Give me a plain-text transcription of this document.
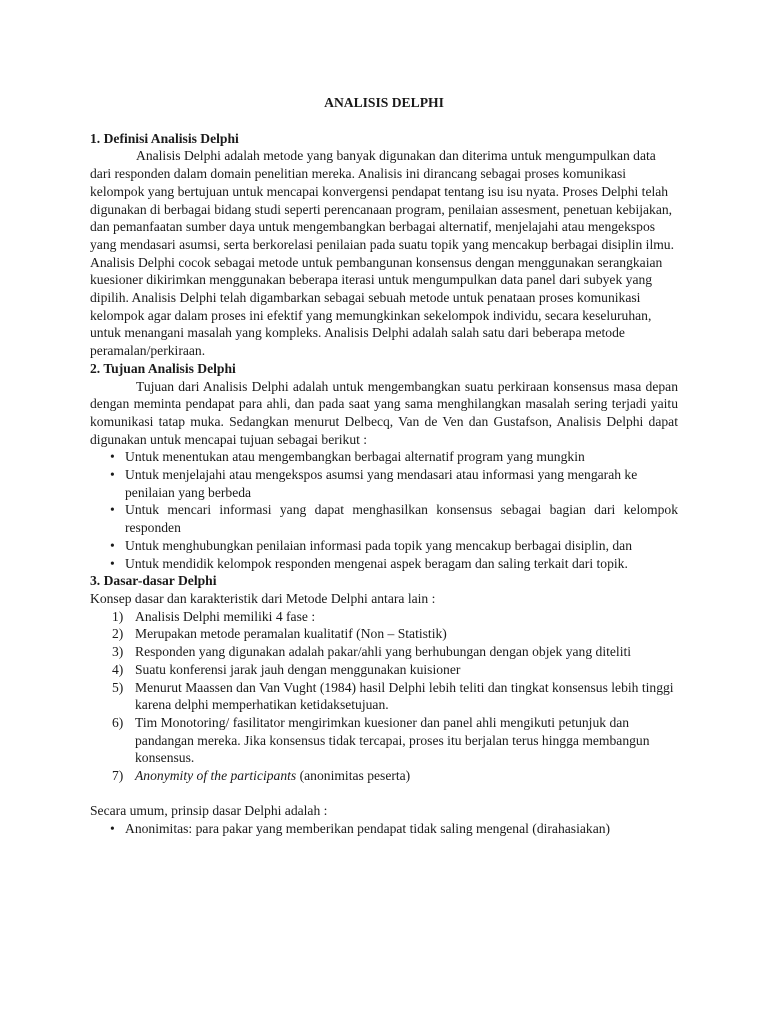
ANALISIS DELPHI
1. Definisi Analisis Delphi
Analisis Delphi adalah metode yang banyak digunakan dan diterima untuk mengumpulkan data dari responden dalam domain penelitian mereka. Analisis ini dirancang sebagai proses komunikasi kelompok yang bertujuan untuk mencapai konvergensi pendapat tentang isu isu nyata. Proses Delphi telah digunakan di berbagai bidang studi seperti perencanaan program, penilaian assesment, penetuan kebijakan, dan pemanfaatan sumber daya untuk mengembangkan berbagai alternatif, menjelajahi atau mengekspos yang mendasari asumsi, serta berkorelasi penilaian pada suatu topik yang mencakup berbagai disiplin ilmu. Analisis Delphi cocok sebagai metode untuk pembangunan konsensus dengan menggunakan serangkaian kuesioner dikirimkan menggunakan beberapa iterasi untuk mengumpulkan data panel dari subyek yang dipilih. Analisis Delphi telah digambarkan sebagai sebuah metode untuk penataan proses komunikasi kelompok agar dalam proses ini efektif yang memungkinkan sekelompok individu, secara keseluruhan, untuk menangani masalah yang kompleks. Analisis Delphi adalah salah satu dari beberapa metode peramalan/perkiraan.
2. Tujuan Analisis Delphi
Tujuan dari Analisis Delphi adalah untuk mengembangkan suatu perkiraan konsensus masa depan dengan meminta pendapat para ahli, dan pada saat yang sama menghilangkan masalah sering terjadi yaitu komunikasi tatap muka. Sedangkan menurut Delbecq, Van de Ven dan Gustafson, Analisis Delphi dapat digunakan untuk mencapai tujuan sebagai berikut :
• Untuk menentukan atau mengembangkan berbagai alternatif program yang mungkin
• Untuk menjelajahi atau mengekspos asumsi yang mendasari atau informasi yang mengarah ke penilaian yang berbeda
• Untuk mencari informasi yang dapat menghasilkan konsensus sebagai bagian dari kelompok responden
• Untuk menghubungkan penilaian informasi pada topik yang mencakup berbagai disiplin, dan
• Untuk mendidik kelompok responden mengenai aspek beragam dan saling terkait dari topik.
3. Dasar-dasar Delphi
Konsep dasar dan karakteristik dari Metode Delphi antara lain :
1) Analisis Delphi memiliki 4 fase :
2) Merupakan metode peramalan kualitatif (Non – Statistik)
3) Responden yang digunakan adalah pakar/ahli yang berhubungan dengan objek yang diteliti
4) Suatu konferensi jarak jauh dengan menggunakan kuisioner
5) Menurut Maassen dan Van Vught (1984) hasil Delphi lebih teliti dan tingkat konsensus lebih tinggi karena delphi memperhatikan ketidaksetujuan.
6) Tim Monotoring/ fasilitator mengirimkan kuesioner dan panel ahli mengikuti petunjuk dan pandangan mereka. Jika konsensus tidak tercapai, proses itu berjalan terus hingga membangun konsensus.
7) Anonymity of the participants (anonimitas peserta)
Secara umum, prinsip dasar Delphi adalah :
• Anonimitas: para pakar yang memberikan pendapat tidak saling mengenal (dirahasiakan)
